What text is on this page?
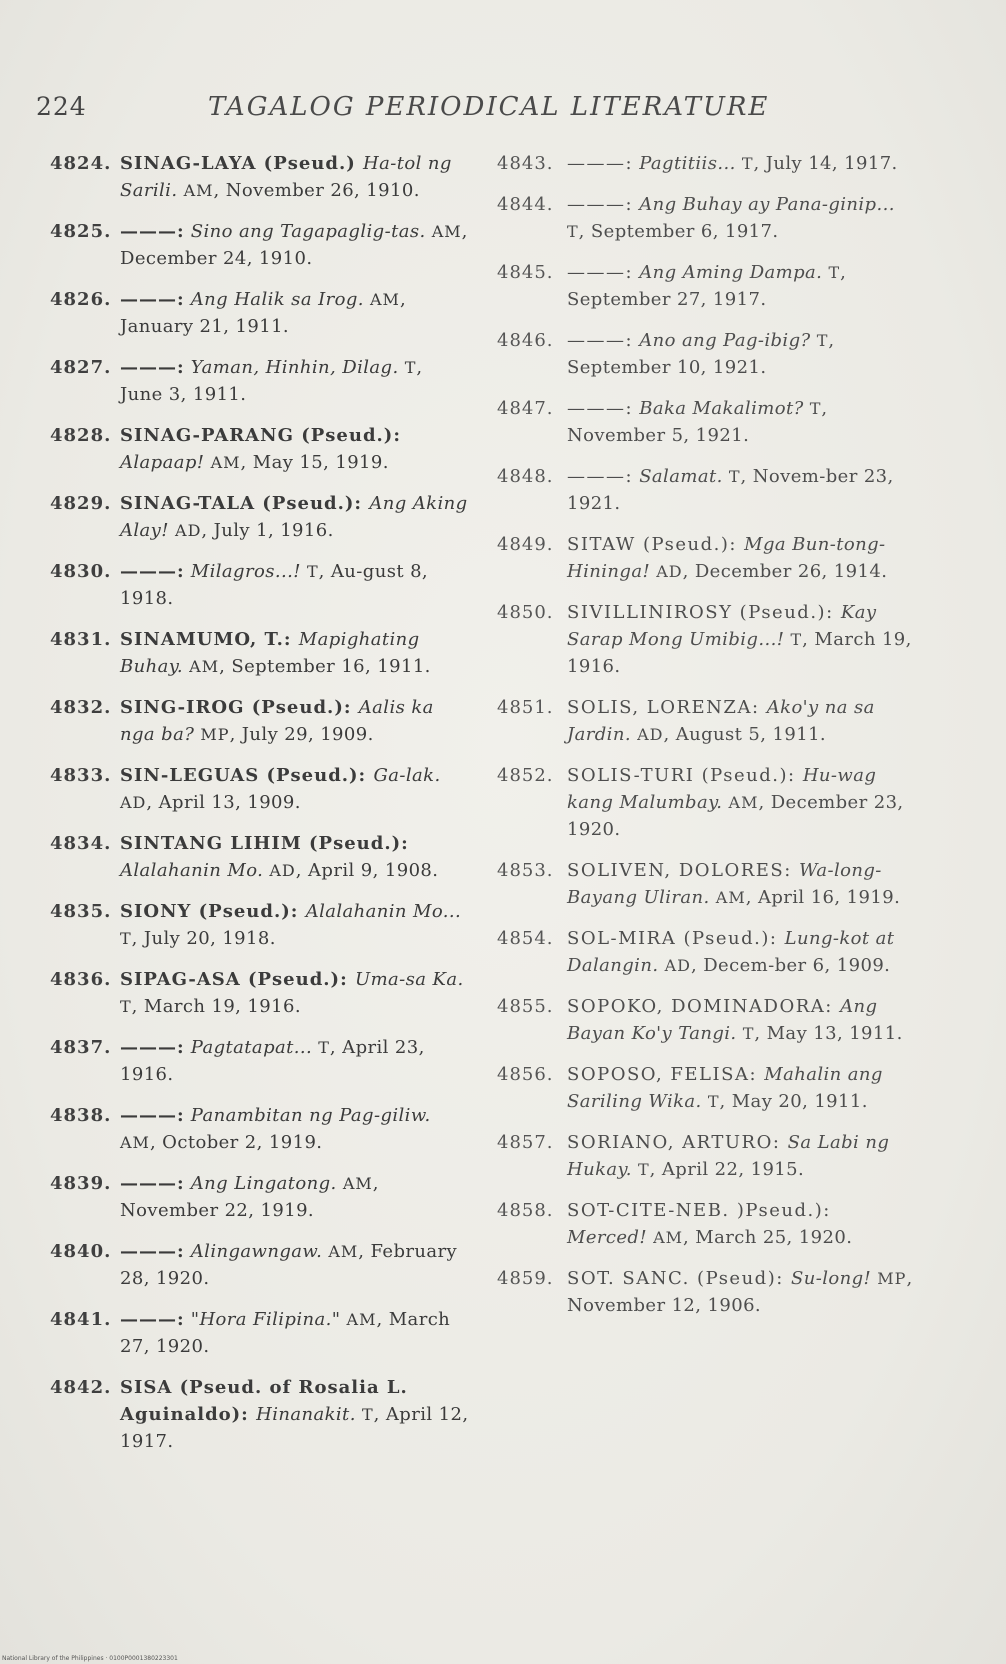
224	TAGALOG PERIODICAL LITERATURE
4824. SINAG-LAYA (Pseud.) Ha-tol ng Sarili. AM, November 26, 1910.
4825. ———: Sino ang Tagapaglig-tas. AM, December 24, 1910.
4826. ———: Ang Halik sa Irog. AM, January 21, 1911.
4827. ———: Yaman, Hinhin, Dilag. T, June 3, 1911.
4828. SINAG-PARANG (Pseud.): Alapaap! AM, May 15, 1919.
4829. SINAG-TALA (Pseud.): Ang Aking Alay! AD, July 1, 1916.
4830. ———: Milagros...! T, Au-gust 8, 1918.
4831. SINAMUMO, T.: Mapighating Buhay. AM, September 16, 1911.
4832. SING-IROG (Pseud.): Aalis ka nga ba? MP, July 29, 1909.
4833. SIN-LEGUAS (Pseud.): Ga-lak. AD, April 13, 1909.
4834. SINTANG LIHIM (Pseud.): Alalahanin Mo. AD, April 9, 1908.
4835. SIONY (Pseud.): Alalahanin Mo... T, July 20, 1918.
4836. SIPAG-ASA (Pseud.): Uma-sa Ka. T, March 19, 1916.
4837. ———: Pagtatapat... T, April 23, 1916.
4838. ———: Panambitan ng Pag-giliw. AM, October 2, 1919.
4839. ———: Ang Lingatong. AM, November 22, 1919.
4840. ———: Alingawngaw. AM, February 28, 1920.
4841. ———: "Hora Filipina." AM, March 27, 1920.
4842. SISA (Pseud. of Rosalia L. Aguinaldo): Hinanakit. T, April 12, 1917.
4843. ———: Pagtitiis... T, July 14, 1917.
4844. ———: Ang Buhay ay Pana-ginip... T, September 6, 1917.
4845. ———: Ang Aming Dampa. T, September 27, 1917.
4846. ———: Ano ang Pag-ibig? T, September 10, 1921.
4847. ———: Baka Makalimot? T, November 5, 1921.
4848. ———: Salamat. T, Novem-ber 23, 1921.
4849. SITAW (Pseud.): Mga Bun-tong-Hininga! AD, December 26, 1914.
4850. SIVILLINIROSY (Pseud.): Kay Sarap Mong Umibig...! T, March 19, 1916.
4851. SOLIS, LORENZA: Ako'y na sa Jardin. AD, August 5, 1911.
4852. SOLIS-TURI (Pseud.): Hu-wag kang Malumbay. AM, December 23, 1920.
4853. SOLIVEN, DOLORES: Wa-long-Bayang Uliran. AM, April 16, 1919.
4854. SOL-MIRA (Pseud.): Lung-kot at Dalangin. AD, Decem-ber 6, 1909.
4855. SOPOKO, DOMINADORA: Ang Bayan Ko'y Tangi. T, May 13, 1911.
4856. SOPOSO, FELISA: Mahalin ang Sariling Wika. T, May 20, 1911.
4857. SORIANO, ARTURO: Sa Labi ng Hukay. T, April 22, 1915.
4858. SOT-CITE-NEB. )Pseud.): Merced! AM, March 25, 1920.
4859. SOT. SANC. (Pseud): Su-long! MP, November 12, 1906.
National Library of the Philippines · 0100P0001380223301
